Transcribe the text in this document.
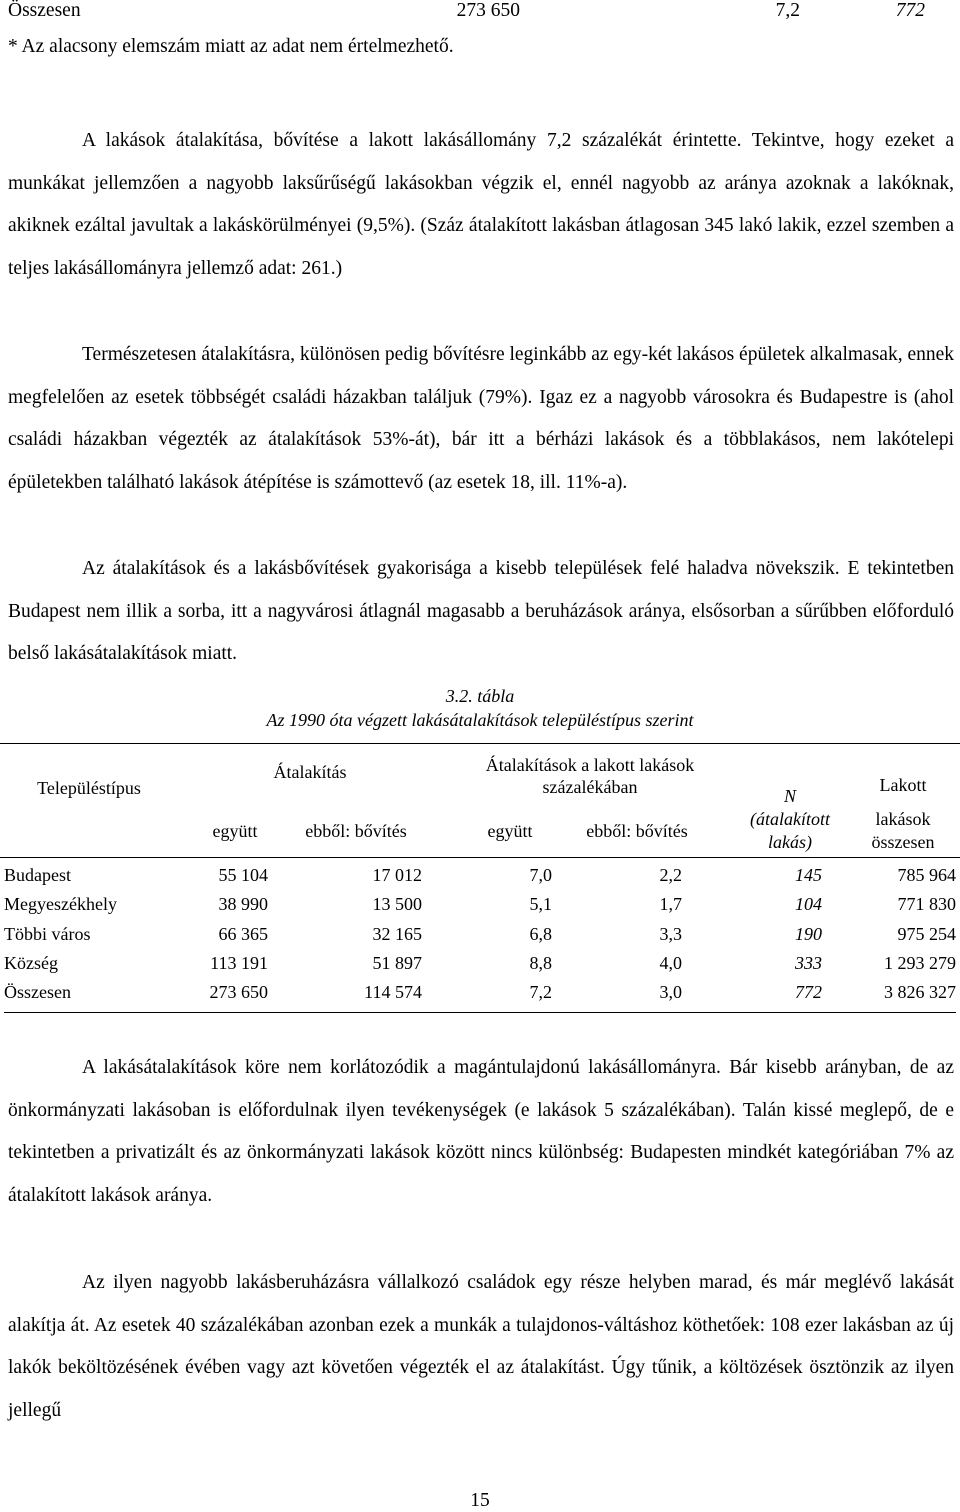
Összesen	273 650	7,2	772
* Az alacsony elemszám miatt az adat nem értelmezhető.

A lakások átalakítása, bővítése a lakott lakásállomány 7,2 százalékát érintette. Tekintve, hogy ezeket a munkákat jellemzően a nagyobb laksűrűségű lakásokban végzik el, ennél nagyobb az aránya azoknak a lakóknak, akiknek ezáltal javultak a lakáskörülményei (9,5%). (Száz átalakított lakásban átlagosan 345 lakó lakik, ezzel szemben a teljes lakásállományra jellemző adat: 261.)

Természetesen átalakításra, különösen pedig bővítésre leginkább az egy-két lakásos épületek alkalmasak, ennek megfelelően az esetek többségét családi házakban találjuk (79%). Igaz ez a nagyobb városokra és Budapestre is (ahol családi házakban végezték az átalakítások 53%-át), bár itt a bérházi lakások és a többlakásos, nem lakótelepi épületekben található lakások átépítése is számottevő (az esetek 18, ill. 11%-a).

Az átalakítások és a lakásbővítések gyakorisága a kisebb települések felé haladva növekszik. E tekintetben Budapest nem illik a sorba, itt a nagyvárosi átlagnál magasabb a beruházások aránya, elsősorban a sűrűbben előforduló belső lakásátalakítások miatt.

3.2. tábla
Az 1990 óta végzett lakásátalakítások településtípus szerint
Településtípus
Átalakítás	Átalakítások a lakott lakások
százalékában
együtt	ebből: bővítés	együtt	ebből: bővítés
N
(átalakított
lakás)
Lakott
lakások
összesen
Budapest	55 104	17 012	7,0	2,2	145	785 964
Megyeszékhely	38 990	13 500	5,1	1,7	104	771 830
Többi város	66 365	32 165	6,8	3,3	190	975 254
Község	113 191	51 897	8,8	4,0	333	1 293 279
Összesen	273 650	114 574	7,2	3,0	772	3 826 327

A lakásátalakítások köre nem korlátozódik a magántulajdonú lakásállományra. Bár kisebb arányban, de az önkormányzati lakásoban is előfordulnak ilyen tevékenységek (e lakások 5 százalékában). Talán kissé meglepő, de e tekintetben a privatizált és az önkormányzati lakások között nincs különbség: Budapesten mindkét kategóriában 7% az átalakított lakások aránya.

Az ilyen nagyobb lakásberuházásra vállalkozó családok egy része helyben marad, és már meglévő lakását alakítja át. Az esetek 40 százalékában azonban ezek a munkák a tulajdonos-váltáshoz köthetőek: 108 ezer lakásban az új lakók beköltözésének évében vagy azt követően végezték el az átalakítást. Úgy tűnik, a költözések ösztönzik az ilyen jellegű

15
